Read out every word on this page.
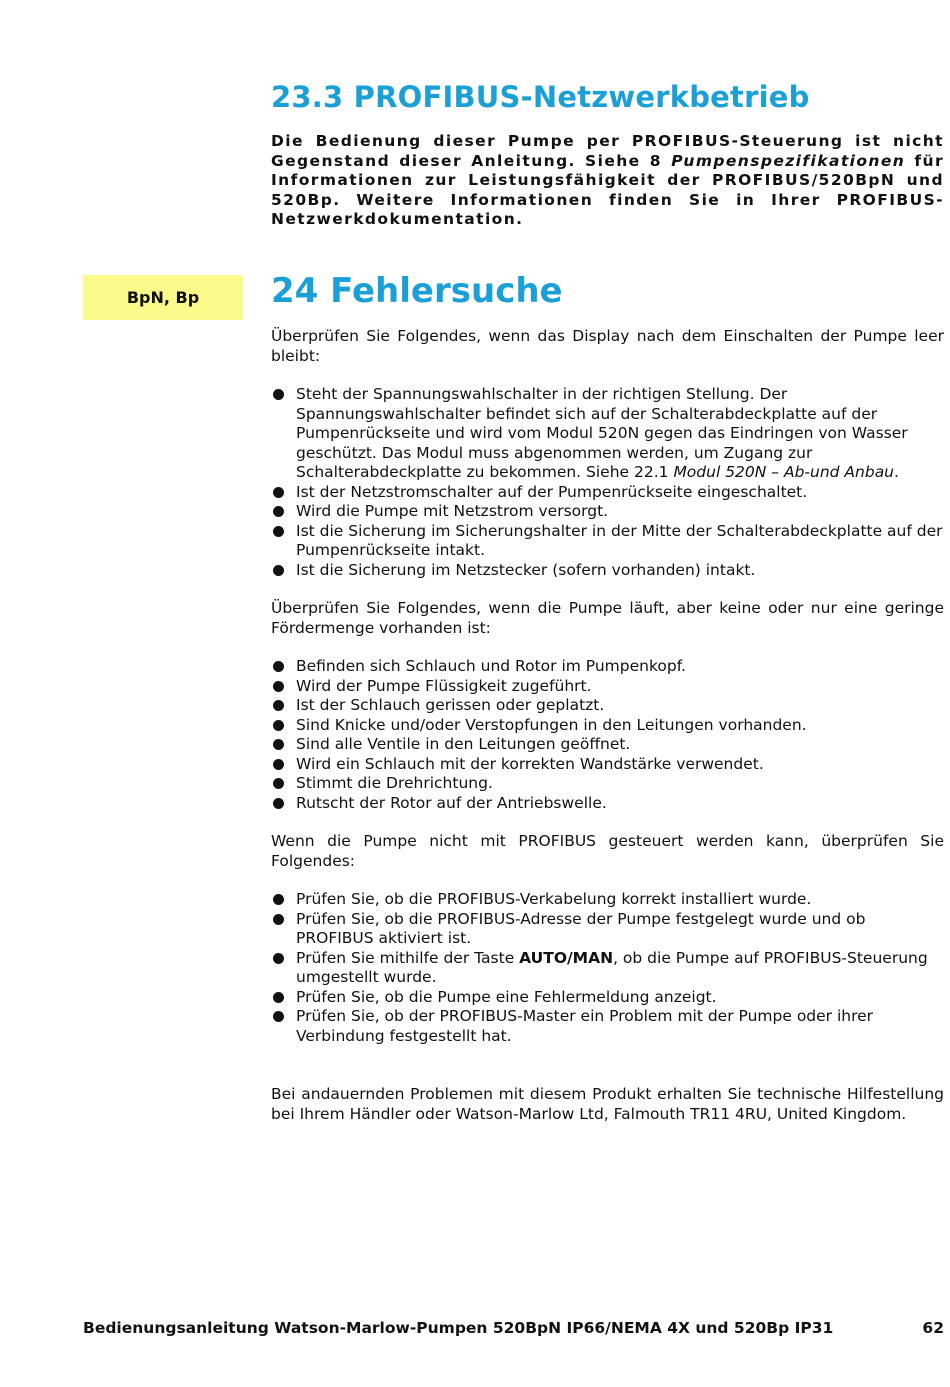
23.3 PROFIBUS-Netzwerkbetrieb

Die Bedienung dieser Pumpe per PROFIBUS-Steuerung ist nicht Gegenstand dieser Anleitung. Siehe 8 Pumpenspezifikationen für Informationen zur Leistungsfähigkeit der PROFIBUS/520BpN und 520Bp. Weitere Informationen finden Sie in Ihrer PROFIBUS-Netzwerkdokumentation.

BpN, Bp	24 Fehlersuche

Überprüfen Sie Folgendes, wenn das Display nach dem Einschalten der Pumpe leer bleibt:

Steht der Spannungswahlschalter in der richtigen Stellung. Der Spannungswahlschalter befindet sich auf der Schalterabdeckplatte auf der Pumpenrückseite und wird vom Modul 520N gegen das Eindringen von Wasser geschützt. Das Modul muss abgenommen werden, um Zugang zur Schalterabdeckplatte zu bekommen. Siehe 22.1 Modul 520N – Ab-und Anbau.
Ist der Netzstromschalter auf der Pumpenrückseite eingeschaltet.
Wird die Pumpe mit Netzstrom versorgt.
Ist die Sicherung im Sicherungshalter in der Mitte der Schalterabdeckplatte auf der Pumpenrückseite intakt.
Ist die Sicherung im Netzstecker (sofern vorhanden) intakt.

Überprüfen Sie Folgendes, wenn die Pumpe läuft, aber keine oder nur eine geringe Fördermenge vorhanden ist:

Befinden sich Schlauch und Rotor im Pumpenkopf.
Wird der Pumpe Flüssigkeit zugeführt.
Ist der Schlauch gerissen oder geplatzt.
Sind Knicke und/oder Verstopfungen in den Leitungen vorhanden.
Sind alle Ventile in den Leitungen geöffnet.
Wird ein Schlauch mit der korrekten Wandstärke verwendet.
Stimmt die Drehrichtung.
Rutscht der Rotor auf der Antriebswelle.

Wenn die Pumpe nicht mit PROFIBUS gesteuert werden kann, überprüfen Sie Folgendes:

Prüfen Sie, ob die PROFIBUS-Verkabelung korrekt installiert wurde.
Prüfen Sie, ob die PROFIBUS-Adresse der Pumpe festgelegt wurde und ob PROFIBUS aktiviert ist.
Prüfen Sie mithilfe der Taste AUTO/MAN, ob die Pumpe auf PROFIBUS-Steuerung umgestellt wurde.
Prüfen Sie, ob die Pumpe eine Fehlermeldung anzeigt.
Prüfen Sie, ob der PROFIBUS-Master ein Problem mit der Pumpe oder ihrer Verbindung festgestellt hat.

Bei andauernden Problemen mit diesem Produkt erhalten Sie technische Hilfestellung bei Ihrem Händler oder Watson-Marlow Ltd, Falmouth TR11 4RU, United Kingdom.

Bedienungsanleitung Watson-Marlow-Pumpen 520BpN IP66/NEMA 4X und 520Bp IP31	62
